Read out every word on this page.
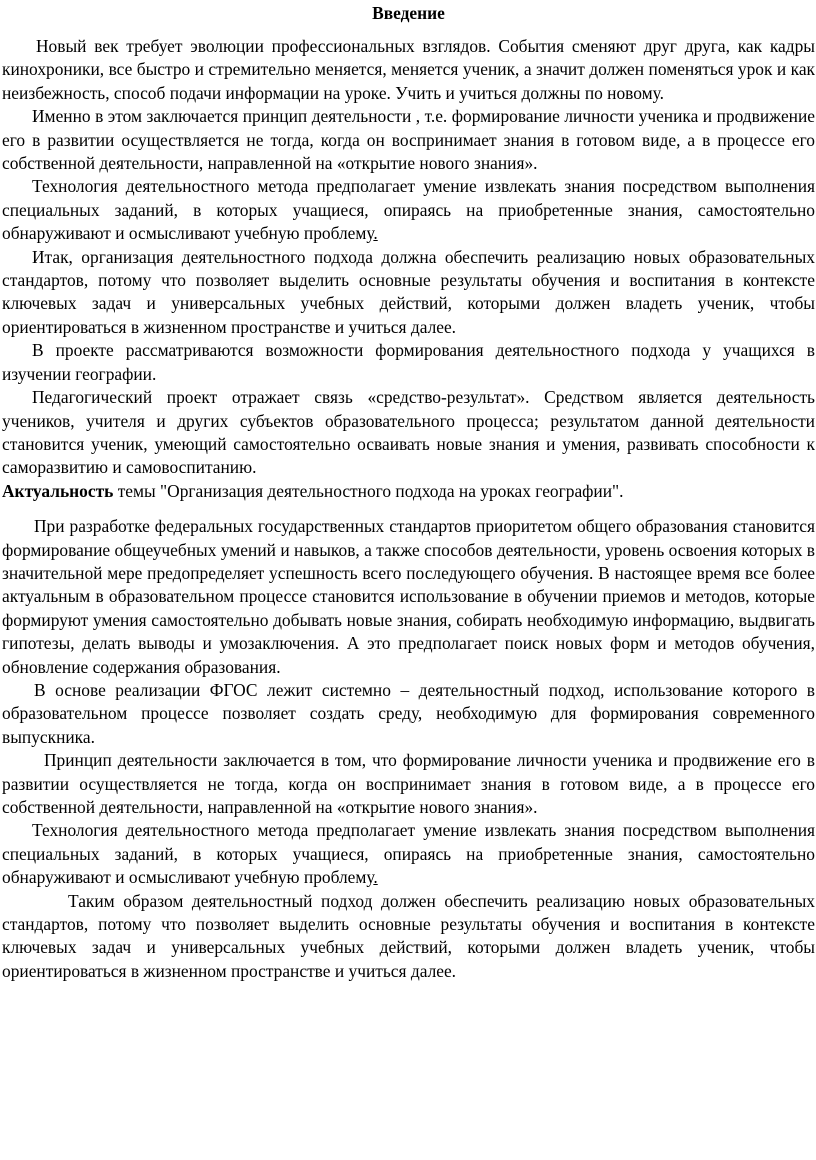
Введение

Новый век требует эволюции профессиональных взглядов. События сменяют друг друга, как кадры кинохроники, все быстро и стремительно меняется, меняется ученик, а значит должен поменяться урок и как неизбежность, способ подачи информации на уроке. Учить и учиться должны по новому.

Именно в этом заключается принцип деятельности , т.е. формирование личности ученика и продвижение его в развитии осуществляется не тогда, когда он воспринимает знания в готовом виде, а в процессе его собственной деятельности, направленной на «открытие нового знания».

Технология деятельностного метода предполагает умение извлекать знания посредством выполнения специальных заданий, в которых учащиеся, опираясь на приобретенные знания, самостоятельно обнаруживают и осмысливают учебную проблему.

Итак, организация деятельностного подхода должна обеспечить реализацию новых образовательных стандартов, потому что позволяет выделить основные результаты обучения и воспитания в контексте ключевых задач и универсальных учебных действий, которыми должен владеть ученик, чтобы ориентироваться в жизненном пространстве и учиться далее.

В проекте рассматриваются возможности формирования деятельностного подхода у учащихся в изучении географии.

Педагогический проект отражает связь «средство-результат». Средством является деятельность учеников, учителя и других субъектов образовательного процесса; результатом данной деятельности становится ученик, умеющий самостоятельно осваивать новые знания и умения, развивать способности к саморазвитию и самовоспитанию.

Актуальность темы "Организация деятельностного подхода на уроках географии".

При разработке федеральных государственных стандартов приоритетом общего образования становится формирование общеучебных умений и навыков, а также способов деятельности, уровень освоения которых в значительной мере предопределяет успешность всего последующего обучения. В настоящее время все более актуальным в образовательном процессе становится использование в обучении приемов и методов, которые формируют умения самостоятельно добывать новые знания, собирать необходимую информацию, выдвигать гипотезы, делать выводы и умозаключения. А это предполагает поиск новых форм и методов обучения, обновление содержания образования.

В основе реализации ФГОС лежит системно – деятельностный подход, использование которого в образовательном процессе позволяет создать среду, необходимую для формирования современного выпускника.

Принцип деятельности заключается в том, что формирование личности ученика и продвижение его в развитии осуществляется не тогда, когда он воспринимает знания в готовом виде, а в процессе его собственной деятельности, направленной на «открытие нового знания».

Технология деятельностного метода предполагает умение извлекать знания посредством выполнения специальных заданий, в которых учащиеся, опираясь на приобретенные знания, самостоятельно обнаруживают и осмысливают учебную проблему.

Таким образом деятельностный подход должен обеспечить реализацию новых образовательных стандартов, потому что позволяет выделить основные результаты обучения и воспитания в контексте ключевых задач и универсальных учебных действий, которыми должен владеть ученик, чтобы ориентироваться в жизненном пространстве и учиться далее.
